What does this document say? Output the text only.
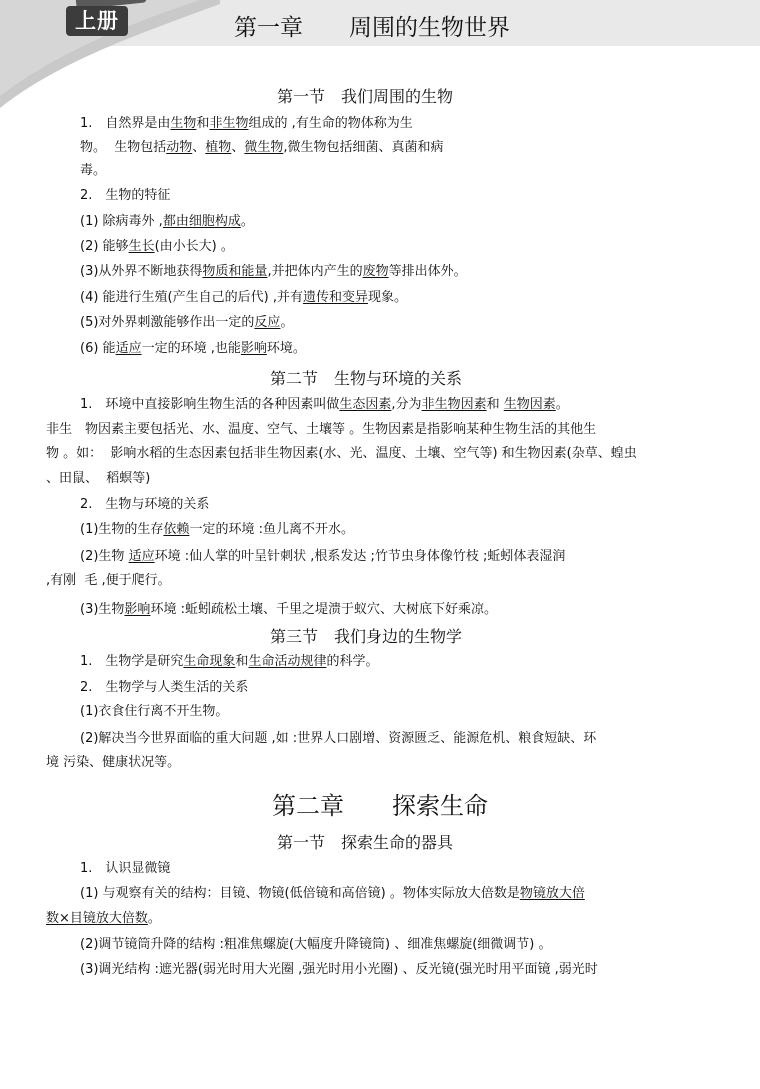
上册	第一章　　周围的生物世界
第一节　我们周围的生物
1.　自然界是由生物和非生物组成的 ,有生命的物体称为生
物。  生物包括动物、植物、微生物,微生物包括细菌、真菌和病
毒。
2.　生物的特征
(1) 除病毒外 ,都由细胞构成。
(2) 能够生长(由小长大) 。
(3)从外界不断地获得物质和能量,并把体内产生的废物等排出体外。
(4) 能进行生殖(产生自己的后代) ,并有遗传和变异现象。
(5)对外界刺激能够作出一定的反应。
(6) 能适应一定的环境 ,也能影响环境。
第二节　生物与环境的关系
1.　环境中直接影响生物生活的各种因素叫做生态因素,分为非生物因素和 生物因素。
非生　物因素主要包括光、水、温度、空气、土壤等 。生物因素是指影响某种生物生活的其他生
物 。如：  影响水稻的生态因素包括非生物因素(水、光、温度、土壤、空气等) 和生物因素(杂草、蝗虫
、田鼠、  稻螟等)
2.　生物与环境的关系
(1)生物的生存依赖一定的环境 :鱼儿离不开水。
(2)生物 适应环境 :仙人掌的叶呈针刺状 ,根系发达 ;竹节虫身体像竹枝 ;蚯蚓体表湿润
,有刚  毛 ,便于爬行。
(3)生物影响环境 :蚯蚓疏松土壤、千里之堤溃于蚁穴、大树底下好乘凉。
第三节　我们身边的生物学
1.　生物学是研究生命现象和生命活动规律的科学。
2.　生物学与人类生活的关系
(1)衣食住行离不开生物。
(2)解决当今世界面临的重大问题 ,如 :世界人口剧增、资源匮乏、能源危机、粮食短缺、环
境 污染、健康状况等。
第二章　　探索生命
第一节　探索生命的器具
1.　认识显微镜
(1) 与观察有关的结构：目镜、物镜(低倍镜和高倍镜) 。物体实际放大倍数是物镜放大倍
数×目镜放大倍数。
(2)调节镜筒升降的结构 :粗准焦螺旋(大幅度升降镜筒) 、细准焦螺旋(细微调节) 。
(3)调光结构 :遮光器(弱光时用大光圈 ,强光时用小光圈) 、反光镜(强光时用平面镜 ,弱光时
